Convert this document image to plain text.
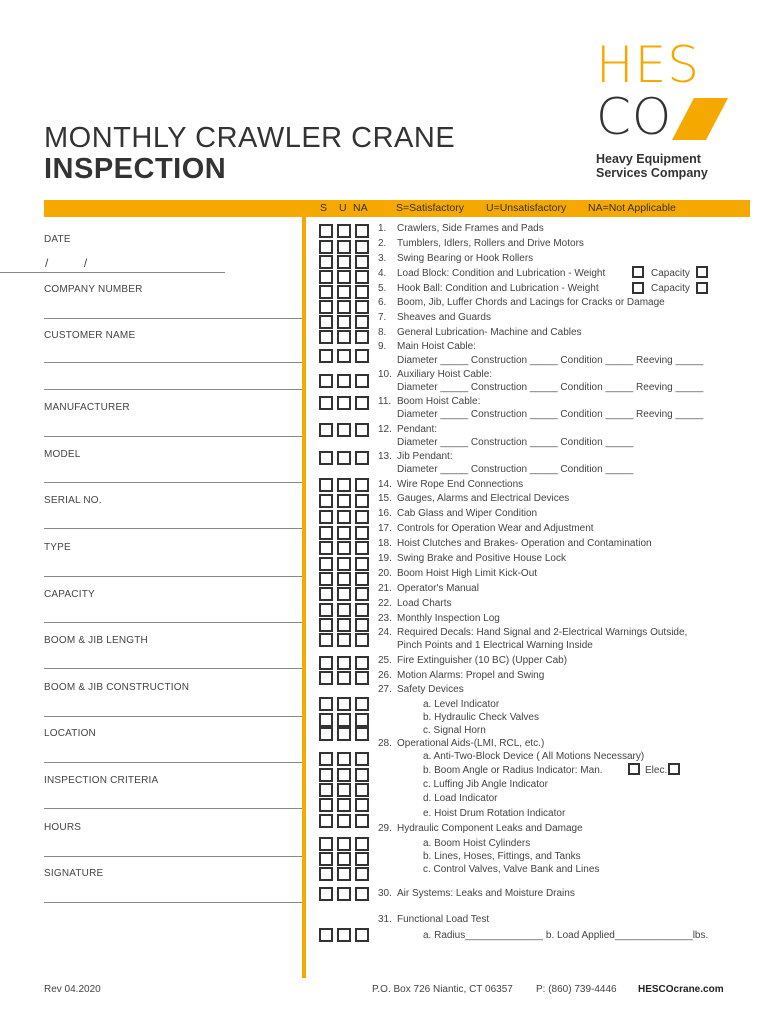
HES
CO
Heavy Equipment
Services Company
MONTHLY CRAWLER CRANE
INSPECTION
S U NA	S=Satisfactory U=Unsatisfactory NA=Not Applicable
DATE
/          /
COMPANY NUMBER
CUSTOMER NAME
MANUFACTURER
MODEL
SERIAL NO.
TYPE
CAPACITY
BOOM & JIB LENGTH
BOOM & JIB CONSTRUCTION
LOCATION
INSPECTION CRITERIA
HOURS
SIGNATURE
1. Crawlers, Side Frames and Pads
2. Tumblers, Idlers, Rollers and Drive Motors
3. Swing Bearing or Hook Rollers
4. Load Block: Condition and Lubrication - Weight
5. Hook Ball: Condition and Lubrication - Weight
6. Boom, Jib, Luffer Chords and Lacings for Cracks or Damage
7. Sheaves and Guards
8. General Lubrication- Machine and Cables
9. Main Hoist Cable:
Diameter _____ Construction _____ Condition _____ Reeving _____
10. Auxiliary Hoist Cable:
Diameter _____ Construction _____ Condition _____ Reeving _____
11. Boom Hoist Cable:
Diameter _____ Construction _____ Condition _____ Reeving _____
12. Pendant:
Diameter _____ Construction _____ Condition _____
13. Jib Pendant:
Diameter _____ Construction _____ Condition _____
14. Wire Rope End Connections
15. Gauges, Alarms and Electrical Devices
16. Cab Glass and Wiper Condition
17. Controls for Operation Wear and Adjustment
18. Hoist Clutches and Brakes- Operation and Contamination
19. Swing Brake and Positive House Lock
20. Boom Hoist High Limit Kick-Out
21. Operator's Manual
22. Load Charts
23. Monthly Inspection Log
24. Required Decals: Hand Signal and 2-Electrical Warnings Outside,
Pinch Points and 1 Electrical Warning Inside
25. Fire Extinguisher (10 BC) (Upper Cab)
26. Motion Alarms: Propel and Swing
27. Safety Devices
a. Level Indicator
b. Hydraulic Check Valves
c. Signal Horn
28. Operational Aids-(LMI, RCL, etc.)
a. Anti-Two-Block Device ( All Motions Necessary)
b. Boom Angle or Radius Indicator: Man.
c. Luffing Jib Angle Indicator
d. Load Indicator
e. Hoist Drum Rotation Indicator
29. Hydraulic Component Leaks and Damage
a. Boom Hoist Cylinders
b. Lines, Hoses, Fittings, and Tanks
c. Control Valves, Valve Bank and Lines
30. Air Systems: Leaks and Moisture Drains
31. Functional Load Test
a. Radius______________ b. Load Applied______________lbs.
Capacity
Capacity
Elec.
Rev 04.2020	P.O. Box 726 Niantic, CT 06357 P: (860) 739-4446 HESCOcrane.com
